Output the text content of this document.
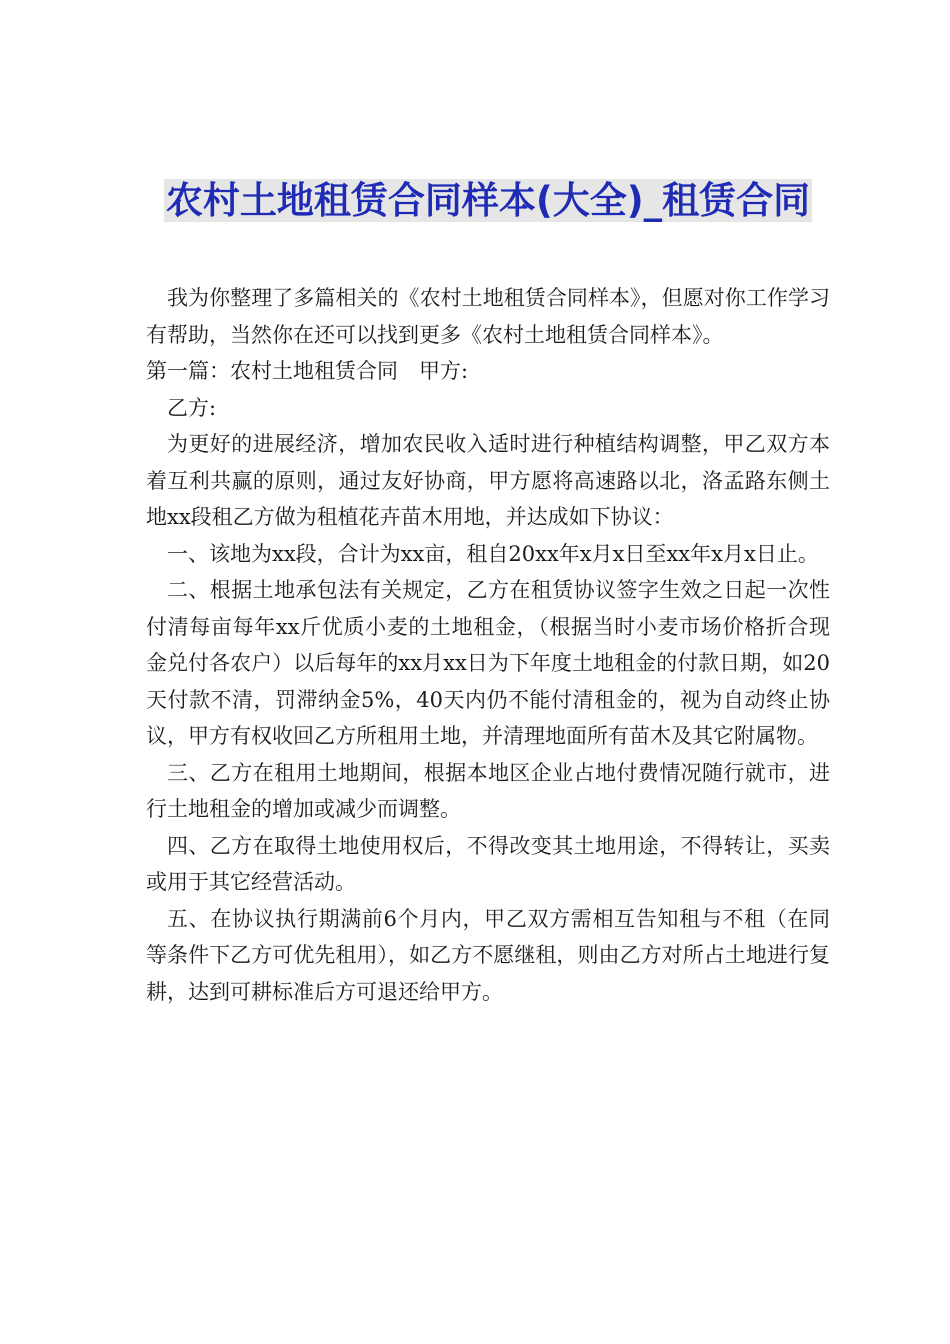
农村土地租赁合同样本(大全)_租赁合同

我为你整理了多篇相关的《农村土地租赁合同样本》，但愿对你工作学习有帮助，当然你在还可以找到更多《农村土地租赁合同样本》。

第一篇：农村土地租赁合同　甲方:

乙方:

为更好的进展经济，增加农民收入适时进行种植结构调整，甲乙双方本着互利共赢的原则，通过友好协商，甲方愿将高速路以北，洛孟路东侧土地xx段租乙方做为租植花卉苗木用地，并达成如下协议：

一、该地为xx段，合计为xx亩，租自20xx年x月x日至xx年x月x日止。

二、根据土地承包法有关规定，乙方在租赁协议签字生效之日起一次性付清每亩每年xx斤优质小麦的土地租金，（根据当时小麦市场价格折合现金兑付各农户）以后每年的xx月xx日为下年度土地租金的付款日期，如20天付款不清，罚滞纳金5%，40天内仍不能付清租金的，视为自动终止协议，甲方有权收回乙方所租用土地，并清理地面所有苗木及其它附属物。

三、乙方在租用土地期间，根据本地区企业占地付费情况随行就市，进行土地租金的增加或减少而调整。

四、乙方在取得土地使用权后，不得改变其土地用途，不得转让，买卖或用于其它经营活动。

五、在协议执行期满前6个月内，甲乙双方需相互告知租与不租（在同等条件下乙方可优先租用），如乙方不愿继租，则由乙方对所占土地进行复耕，达到可耕标准后方可退还给甲方。
